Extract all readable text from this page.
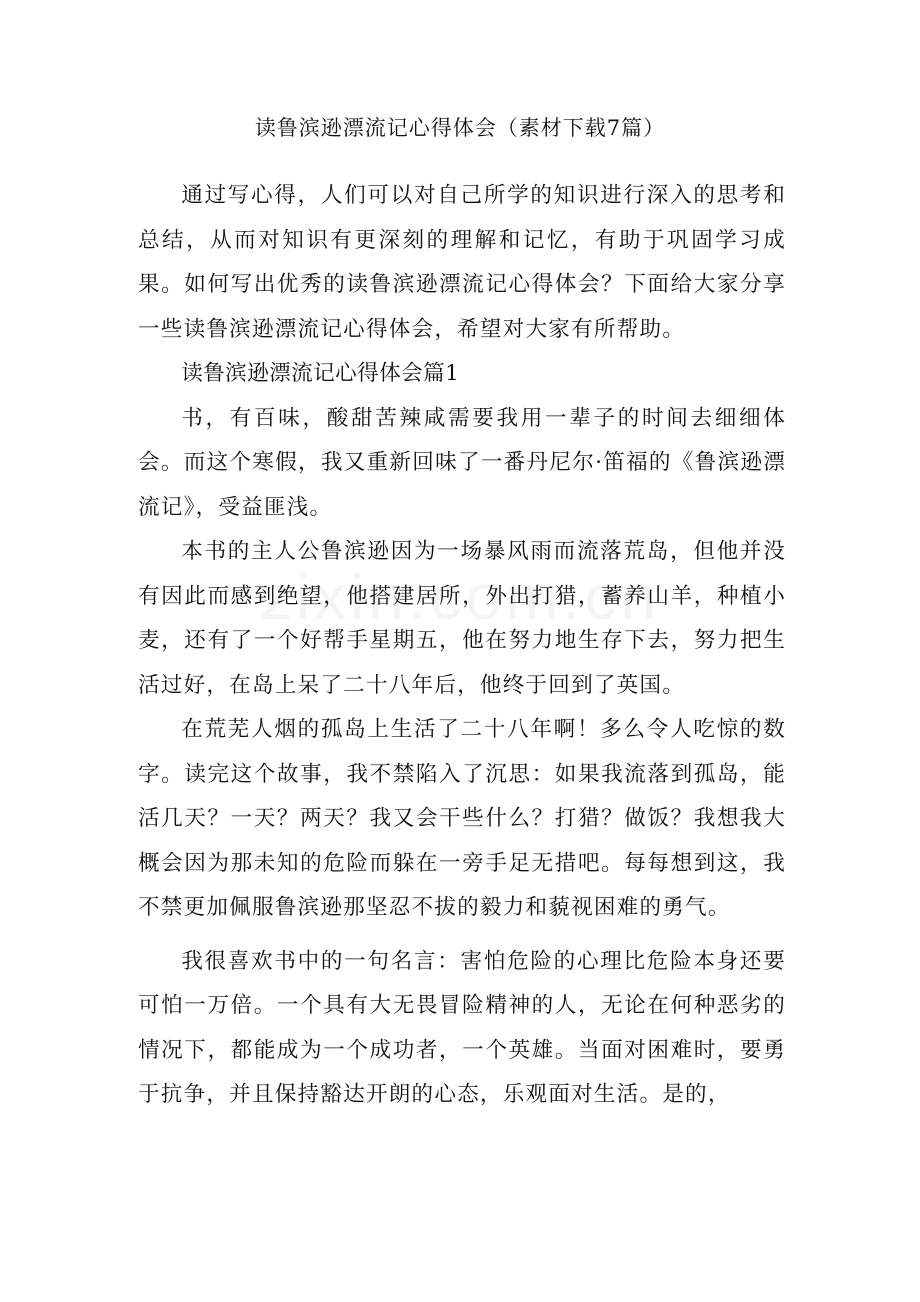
读鲁滨逊漂流记心得体会（素材下载7篇）

通过写心得，人们可以对自己所学的知识进行深入的思考和总结，从而对知识有更深刻的理解和记忆，有助于巩固学习成果。如何写出优秀的读鲁滨逊漂流记心得体会？下面给大家分享一些读鲁滨逊漂流记心得体会，希望对大家有所帮助。

读鲁滨逊漂流记心得体会篇1

书，有百味，酸甜苦辣咸需要我用一辈子的时间去细细体会。而这个寒假，我又重新回味了一番丹尼尔·笛福的《鲁滨逊漂流记》，受益匪浅。

本书的主人公鲁滨逊因为一场暴风雨而流落荒岛，但他并没有因此而感到绝望，他搭建居所，外出打猎，蓄养山羊，种植小麦，还有了一个好帮手星期五，他在努力地生存下去，努力把生活过好，在岛上呆了二十八年后，他终于回到了英国。

在荒芜人烟的孤岛上生活了二十八年啊！多么令人吃惊的数字。读完这个故事，我不禁陷入了沉思：如果我流落到孤岛，能活几天？一天？两天？我又会干些什么？打猎？做饭？我想我大概会因为那未知的危险而躲在一旁手足无措吧。每每想到这，我不禁更加佩服鲁滨逊那坚忍不拔的毅力和藐视困难的勇气。

我很喜欢书中的一句名言：害怕危险的心理比危险本身还要可怕一万倍。一个具有大无畏冒险精神的人，无论在何种恶劣的情况下，都能成为一个成功者，一个英雄。当面对困难时，要勇于抗争，并且保持豁达开朗的心态，乐观面对生活。是的，
